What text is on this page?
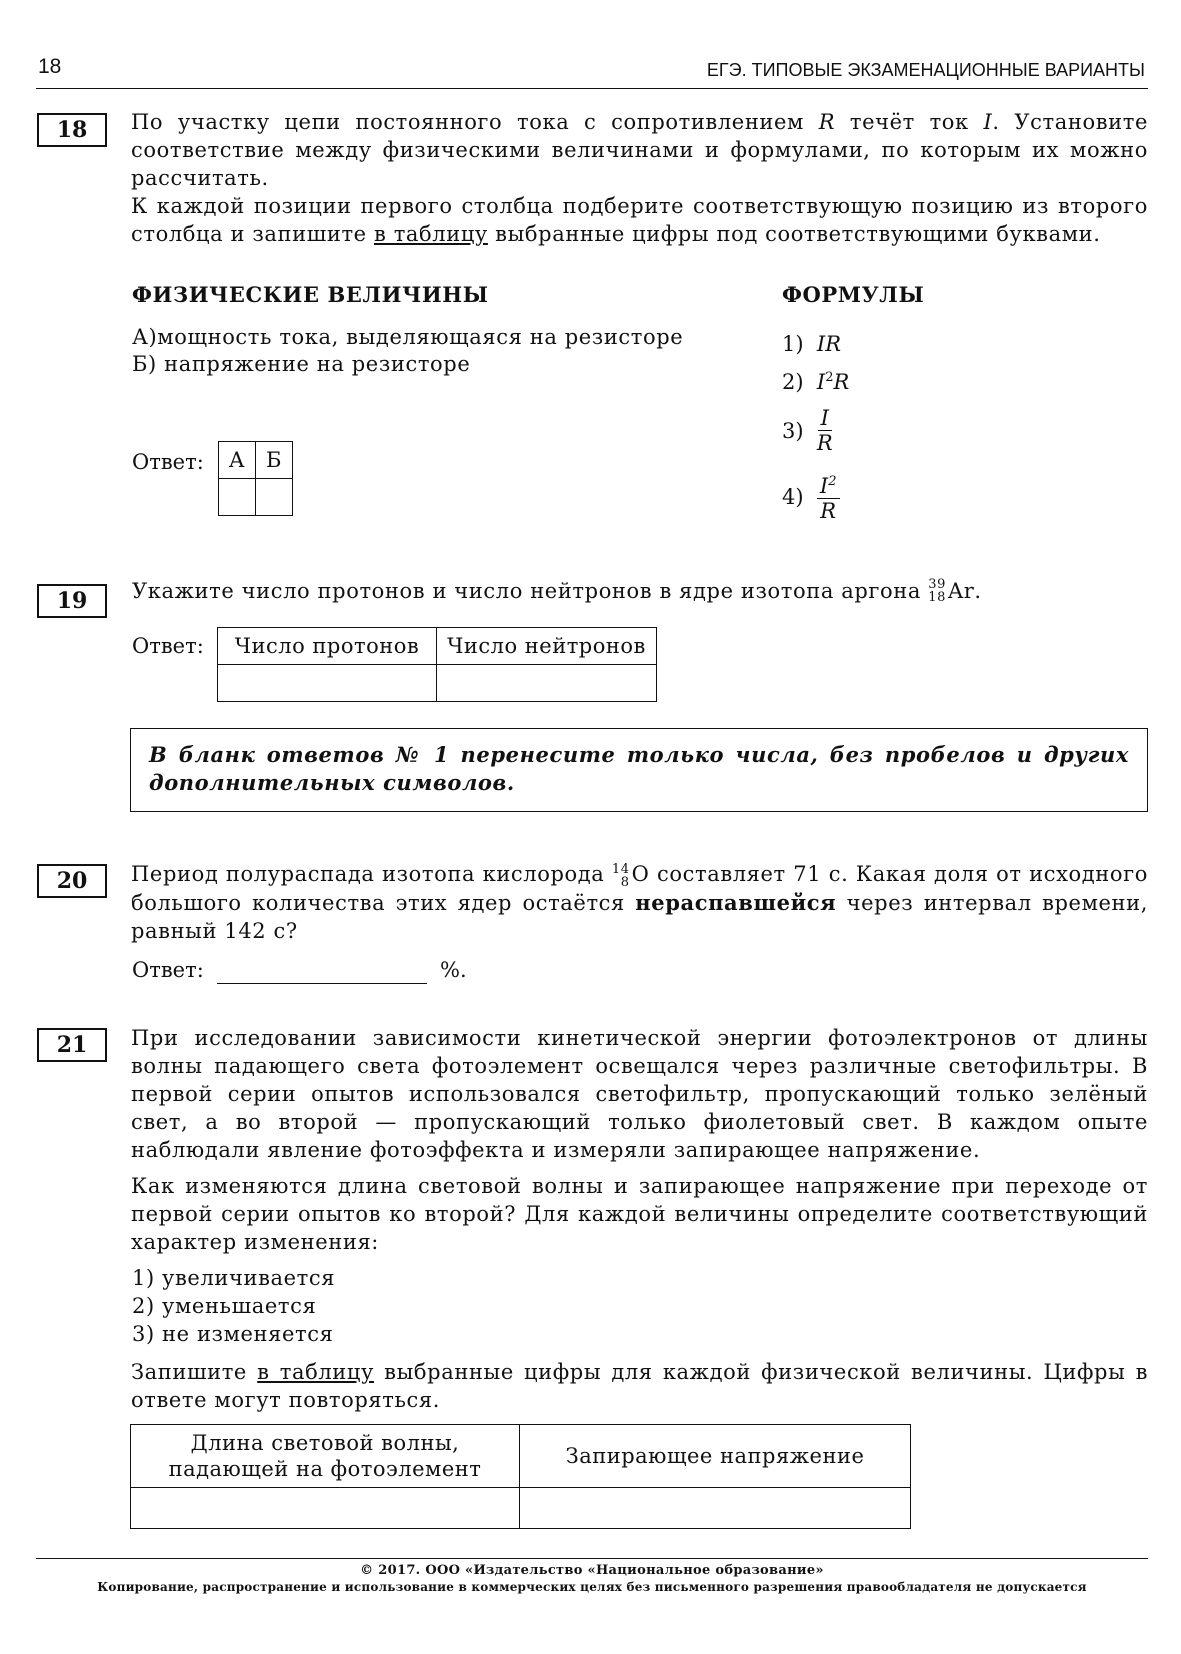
18	ЕГЭ. ТИПОВЫЕ ЭКЗАМЕНАЦИОННЫЕ ВАРИАНТЫ
18	По участку цепи постоянного тока с сопротивлением R течёт ток I. Установите соответствие между физическими величинами и формулами, по которым их можно рассчитать.

К каждой позиции первого столбца подберите соответствующую позицию из второго столбца и запишите в таблицу выбранные цифры под соответствующими буквами.

ФИЗИЧЕСКИЕ ВЕЛИЧИНЫ	ФОРМУЛЫ
А)мощность тока, выделяющаяся на резисторе
Б) напряжение на резисторе
1) IR
2) $I^2R$
3)
$\frac{I}{R}$
4)
$\frac{I^2}{R}$
Ответ: А	Б

19	Укажите число протонов и число нейтронов в ядре изотопа аргона
39
18 Ar .
Ответ: Число протонов	Число нейтронов

В бланк ответов № 1 перенесите только числа, без пробелов и других дополнительных символов.
20	Период полураспада изотопа кислорода 14
8 O составляет 71 с. Какая доля от исходного большого количества этих ядер остаётся нераспавшейся через интервал времени, равный 142 с?

Ответ:	%.
21	При исследовании зависимости кинетической энергии фотоэлектронов от длины волны падающего света фотоэлемент освещался через различные светофильтры. В первой серии опытов использовался светофильтр, пропускающий только зелёный свет, а во второй — пропускающий только фиолетовый свет. В каждом опыте наблюдали явление фотоэффекта и измеряли запирающее напряжение.

Как изменяются длина световой волны и запирающее напряжение при переходе от первой серии опытов ко второй? Для каждой величины определите соответствующий характер изменения:

1) увеличивается
2) уменьшается
3) не изменяется

Запишите в таблицу выбранные цифры для каждой физической величины. Цифры в ответе могут повторяться.

Длина световой волны,
падающей на фотоэлемент	Запирающее напряжение

© 2017. ООО «Издательство «Национальное образование»
Копирование, распространение и использование в коммерческих целях без письменного разрешения правообладателя не допускается
